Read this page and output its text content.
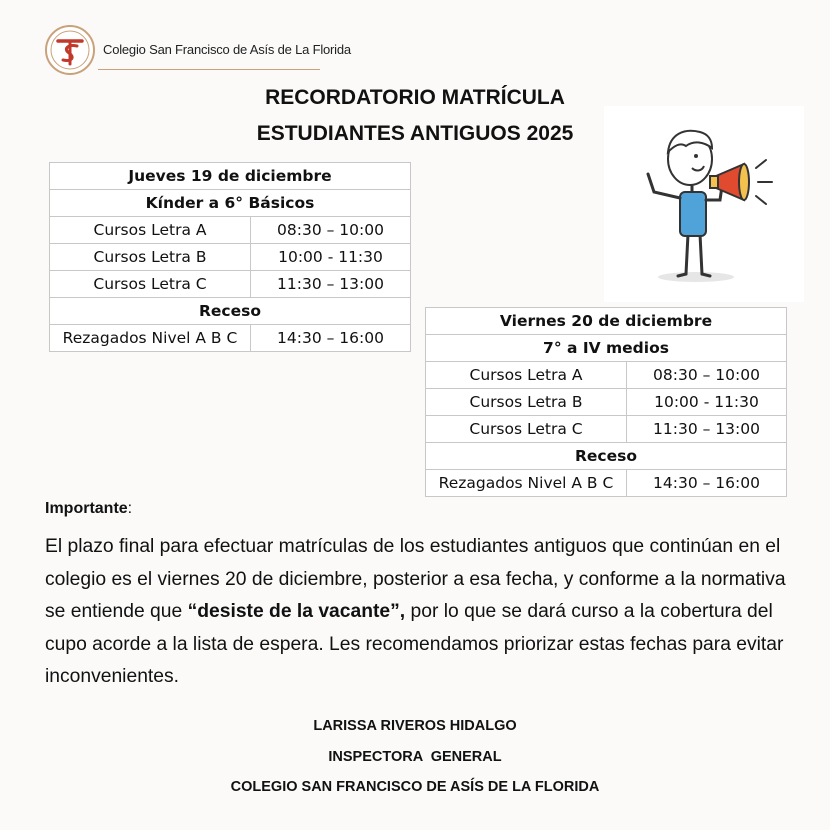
Colegio San Francisco de Asís de La Florida
RECORDATORIO MATRÍCULA
ESTUDIANTES ANTIGUOS 2025
Jueves 19 de diciembre	
Kínder a 6° Básicos	
Cursos Letra A	08:30 – 10:00
Cursos Letra B	10:00 - 11:30
Cursos Letra C	11:30 – 13:00
Receso	
Rezagados Nivel A B C	14:30 – 16:00
Viernes 20 de diciembre	
7° a IV medios	
Cursos Letra A	08:30 – 10:00
Cursos Letra B	10:00 - 11:30
Cursos Letra C	11:30 – 13:00
Receso	
Rezagados Nivel A B C	14:30 – 16:00
Importante:
El plazo final para efectuar matrículas de los estudiantes antiguos que continúan en el colegio es el viernes 20 de diciembre, posterior a esa fecha, y conforme a la normativa se entiende que “desiste de la vacante”, por lo que se dará curso a la cobertura del cupo acorde a la lista de espera. Les recomendamos priorizar estas fechas para evitar inconvenientes.
LARISSA RIVEROS HIDALGO
INSPECTORA  GENERAL
COLEGIO SAN FRANCISCO DE ASÍS DE LA FLORIDA
